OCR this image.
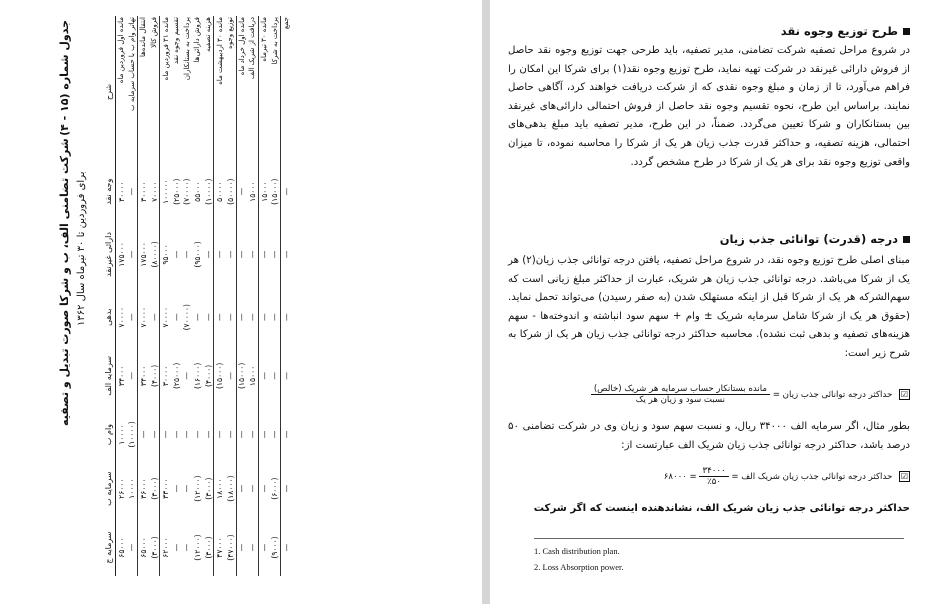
جدول شماره (۱۵ - ۴)
شرکت تضامنی الف، ب و شرکا صورت تبدیل و تصفیه برای فروردین تا ۳۰ تیرماه سال ۱۳۶۲
شرح	وجه نقد	دارائی غیرنقد	بدهی	سرمایه الف	وام ب	سرمایه ب	سرمایه ج
مانده اول فروردین ماه	۳۰۰۰۰	۱۷۵۰۰۰	۷۰۰۰۰	۳۴۰۰۰	۱۰۰۰۰	۲۶۰۰۰	۶۵۰۰۰
تهاتر وام ب با حساب سرمایه ب	—	—	—	—	(۱۰۰۰۰)	۱۰۰۰۰	—
انتقال مانده‌ها	۳۰۰۰۰	۱۷۵۰۰۰	۷۰۰۰۰	۳۴۰۰۰	—	۳۶۰۰۰	۶۵۰۰۰
فروش کالا	۷۰۰۰۰	(۸۰۰۰۰)	—	(۴۰۰۰)	—	(۳۰۰۰)	(۳۰۰۰)
مانده ۳۱ فروردین ماه	۱۰۰۰۰۰	۹۵۰۰۰	۷۰۰۰۰	۳۰۰۰۰	—	۳۳۰۰۰	۶۲۰۰۰
تقسیم وجوه نقد	(۲۵۰۰۰)	—	—	(۲۵۰۰۰)	—	—	—
پرداخت به بستانکاران	(۷۰۰۰۰)	—	(۷۰۰۰۰)	—	—	—	—
فروش دارائی‌ها	۵۵۰۰۰	(۹۵۰۰۰)	—	(۱۶۰۰۰)	—	(۱۲۰۰۰)	(۱۲۰۰۰)
هزینه تصفیه	(۱۰۰۰۰)	—	—	(۴۰۰۰)	—	(۳۰۰۰)	(۳۰۰۰)
مانده ۳۰ اردیبهشت ماه	۵۰۰۰۰	—	—	(۱۵۰۰۰)	—	۱۸۰۰۰	۴۷۰۰۰
توزیع وجوه	(۵۰۰۰۰)	—	—	—	—	(۱۸۰۰۰)	(۴۷۰۰۰)
مانده اول خرداد ماه	—	—	—	(۱۵۰۰۰)	—	—	—
دریافت از شریک الف	۱۵۰۰۰	—	—	۱۵۰۰۰	—	—	—
مانده ۳۰ تیرماه	۱۵۰۰۰	—	—	—	—	—	—
پرداخت به شرکا	(۱۵۰۰۰)	—	—	—	—	(۶۰۰۰)	(۹۰۰۰)
جمع	—	—	—	—	—	—	—
طرح توزیع وجوه نقد
در شروع مراحل تصفیه شرکت تضامنی، مدیر تصفیه، باید طرحی جهت توزیع وجوه نقد حاصل از فروش دارائی غیرنقد در شرکت تهیه نماید، طرح توزیع وجوه نقد(۱) برای شرکا این امکان را فراهم می‌آورد، تا از زمان و مبلغ وجوه نقدی که از شرکت دریافت خواهند کرد، آگاهی حاصل نمایند. براساس این طرح، نحوه تقسیم وجوه نقد حاصل از فروش احتمالی دارائی‌های غیرنقد بین بستانکاران و شرکا تعیین می‌گردد. ضمناً، در این طرح، مدیر تصفیه باید مبلغ بدهی‌های احتمالی، هزینه تصفیه، و حداکثر قدرت جذب زیان هر یک از شرکا را محاسبه نموده، تا میزان واقعی توزیع وجوه نقد برای هر یک از شرکا در طرح مشخص گردد.
درجه (قدرت) توانائی جذب زیان
مبنای اصلی طرح توزیع وجوه نقد، در شروع مراحل تصفیه، یافتن درجه توانائی جذب زیان(۲) هر یک از شرکا می‌باشد. درجه توانائی جذب زیان هر شریک، عبارت از حداکثر مبلغ زیانی است که سهم‌الشرکه هر یک از شرکا قبل از اینکه مستهلک شدن (به صفر رسیدن) می‌تواند تحمل نماید. (حقوق هر یک از شرکا شامل سرمایه شریک ± وام + سهم سود انباشته و اندوخته‌ها - سهم هزینه‌های تصفیه و بدهی ثبت نشده). محاسبه حداکثر درجه توانائی جذب زیان هر یک از شرکا به شرح زیر است:
☑ حداکثر درجه توانائی جذب زیان =
$\frac{\text{مانده بستانکار حساب سرمایه هر شریک (خالص)}}{\text{نسبت سود و زیان هر یک}}$
بطور مثال، اگر سرمایه الف ۳۴۰۰۰ ریال، و نسبت سهم سود و زیان وی در شرکت تضامنی ۵۰ درصد باشد، حداکثر درجه توانائی جذب زیان شریک الف عبارتست از:
☑ حداکثر درجه توانائی جذب زیان شریک الف =
$\frac{۳۴۰۰۰}{٪۵۰}$
= ۶۸۰۰۰
حداکثر درجه توانائی جذب زیان شریک الف، نشاندهنده اینست که اگر شرکت
1. Cash distribution plan.
2. Loss Absorption power.
